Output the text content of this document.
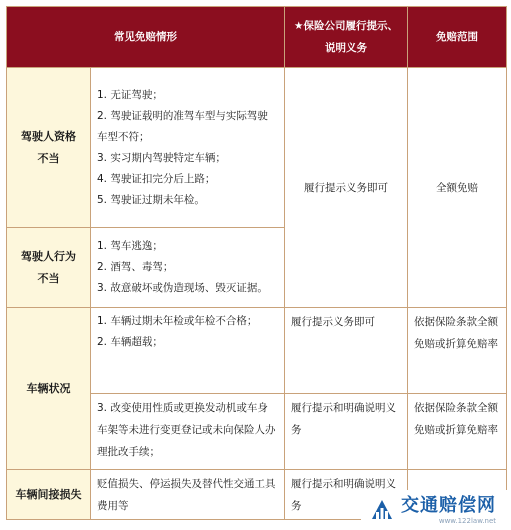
常见免赔情形		★保险公司履行提示、说明义务	免赔范围
驾驶人资格不当	1. 无证驾驶；
2. 驾驶证载明的准驾车型与实际驾驶车型不符；
3. 实习期内驾驶特定车辆；
4. 驾驶证扣完分后上路；
5. 驾驶证过期未年检。	履行提示义务即可	全额免赔
驾驶人行为不当	1. 驾车逃逸；
2. 酒驾、毒驾；
3. 故意破坏或伪造现场、毁灭证据。		

车辆状况	1. 车辆过期未年检或年检不合格；
2. 车辆超载；	履行提示义务即可	依据保险条款全额免赔或折算免赔率
	3. 改变使用性质或更换发动机或车身车架等未进行变更登记或未向保险人办理批改手续；	履行提示和明确说明义务	依据保险条款全额免赔或折算免赔率
车辆间接损失	贬值损失、停运损失及替代性交通工具费用等	履行提示和明确说明义务		交通赔偿网
www.122law.net
